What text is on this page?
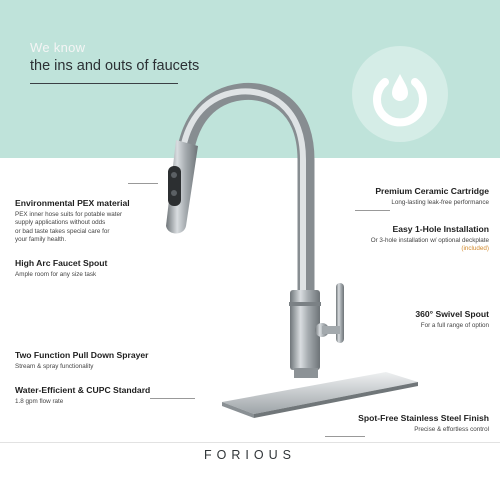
We know
the ins and outs of faucets
Environmental PEX material
PEX inner hose suits for potable water
supply applications without odds
or bad taste takes special care for
your family health.
High Arc Faucet Spout
Ample room for any size task
Two Function Pull Down Sprayer
Stream & spray functionality
Water-Efficient & CUPC Standard
1.8 gpm flow rate
Premium Ceramic Cartridge
Long-lasting leak-free performance
Easy 1-Hole Installation
Or 3-hole installation w/ optional deckplate
(included)
360° Swivel Spout
For a full range of option
Spot-Free Stainless Steel Finish
Precise & effortless control
FORIOUS
